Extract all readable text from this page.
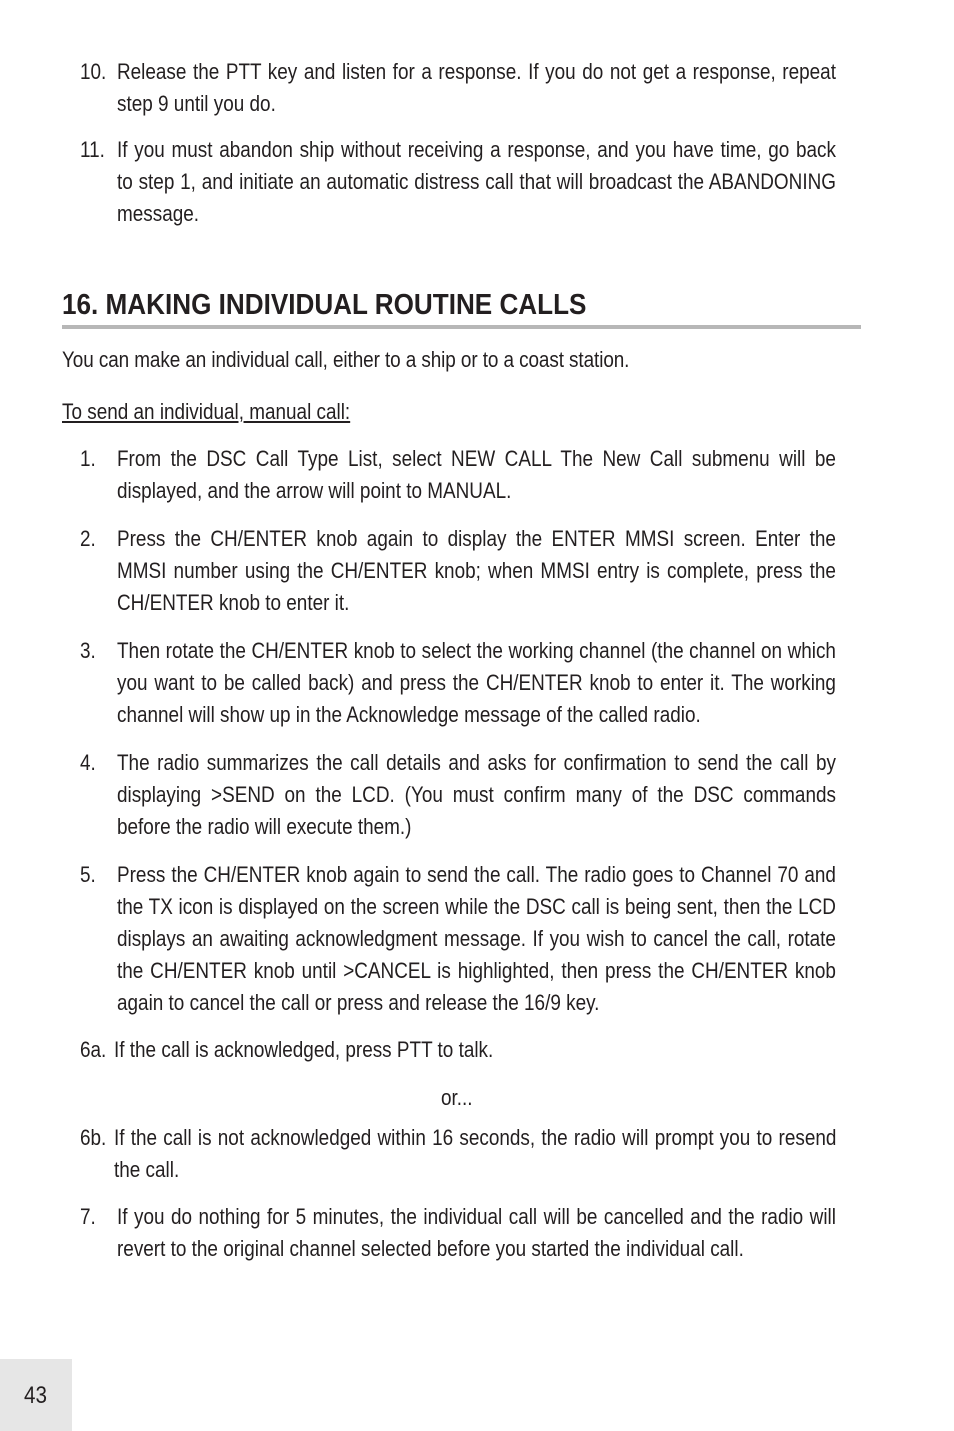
10. Release the PTT key and listen for a response. If you do not get a response, repeat step 9 until you do.
11. If you must abandon ship without receiving a response, and you have time, go back to step 1, and initiate an automatic distress call that will broadcast the ABANDONING message.
16. MAKING INDIVIDUAL ROUTINE CALLS
You can make an individual call, either to a ship or to a coast station.
To send an individual, manual call:
1. From the DSC Call Type List, select NEW CALL The New Call submenu will be displayed, and the arrow will point to MANUAL.
2. Press the CH/ENTER knob again to display the ENTER MMSI screen. Enter the MMSI number using the CH/ENTER knob; when MMSI entry is complete, press the CH/ENTER knob to enter it.
3. Then rotate the CH/ENTER knob to select the working channel (the channel on which you want to be called back) and press the CH/ENTER knob to enter it. The working channel will show up in the Acknowledge message of the called radio.
4. The radio summarizes the call details and asks for confirmation to send the call by displaying >SEND on the LCD. (You must confirm many of the DSC commands before the radio will execute them.)
5. Press the CH/ENTER knob again to send the call. The radio goes to Channel 70 and the TX icon is displayed on the screen while the DSC call is being sent, then the LCD displays an awaiting acknowledgment message. If you wish to cancel the call, rotate the CH/ENTER knob until >CANCEL is highlighted, then press the CH/ENTER knob again to cancel the call or press and release the 16/9 key.
6a. If the call is acknowledged, press PTT to talk.
or...
6b. If the call is not acknowledged within 16 seconds, the radio will prompt you to resend the call.
7. If you do nothing for 5 minutes, the individual call will be cancelled and the radio will revert to the original channel selected before you started the individual call.
43
